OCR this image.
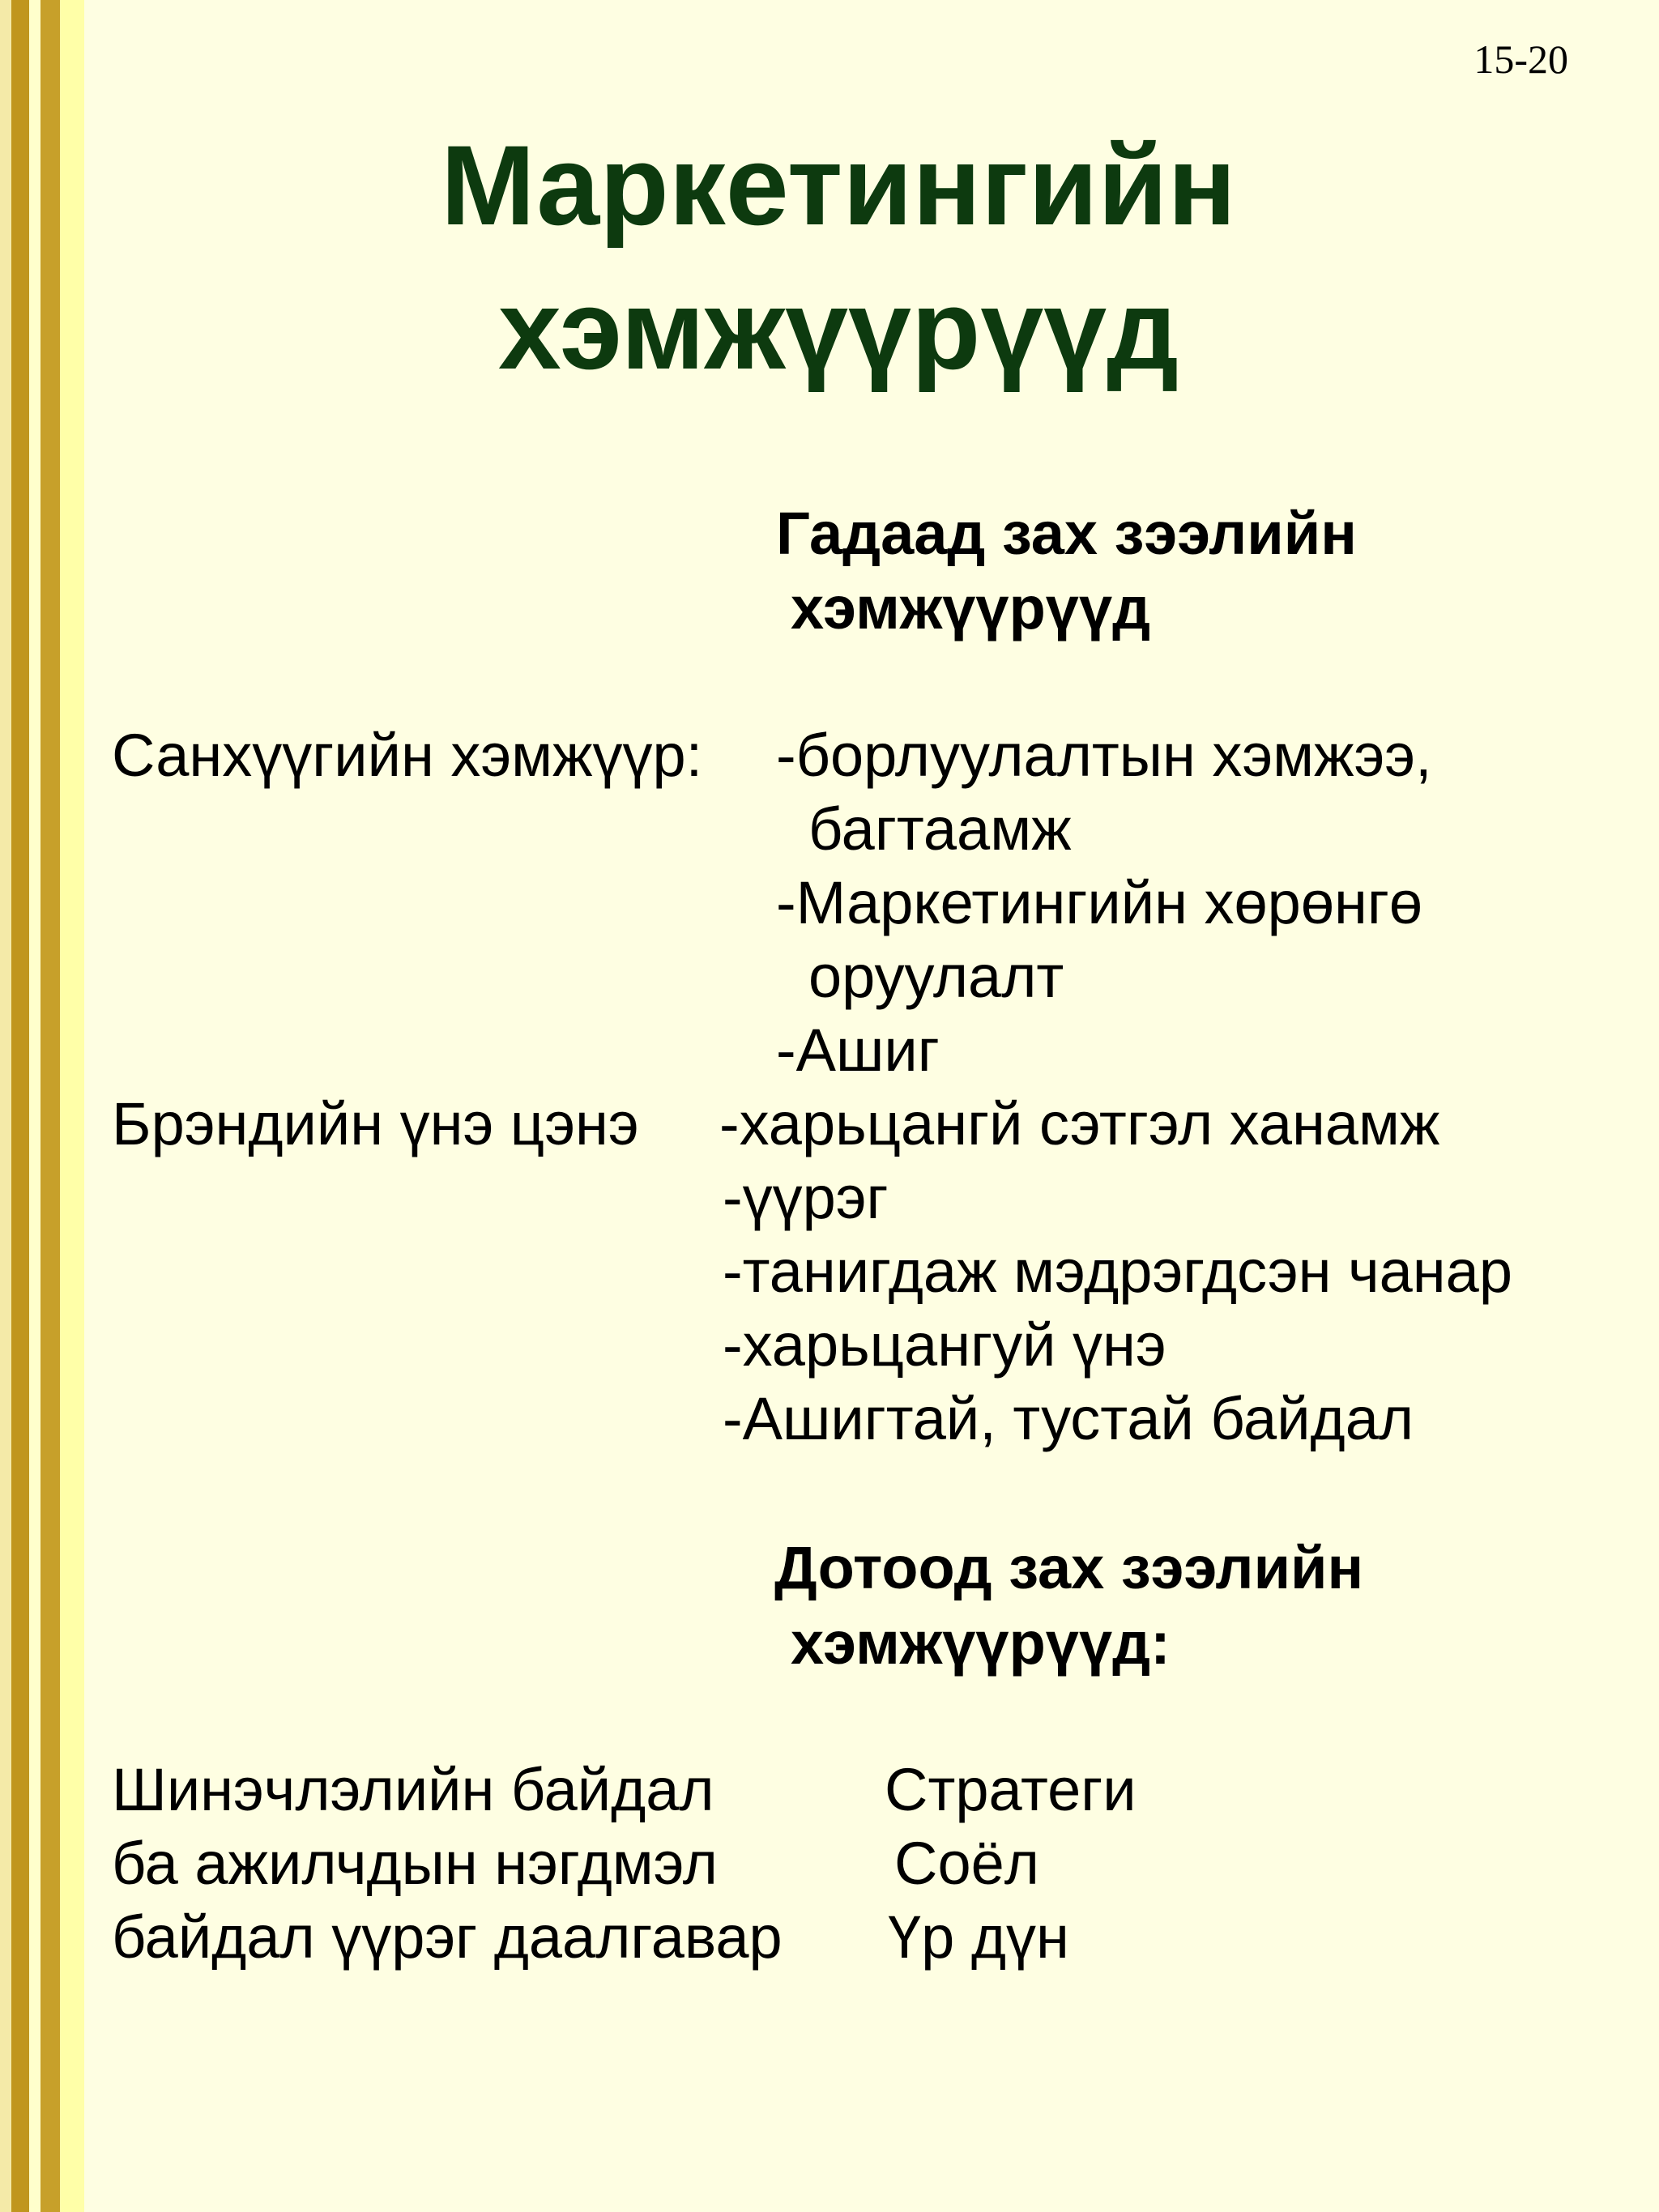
15-20
Маркетингийн
хэмжүүрүүд
Гадаад зах зээлийн
хэмжүүрүүд
Санхүүгийн хэмжүүр: -борлуулалтын хэмжээ,
багтаамж
-Маркетингийн хөрөнгө
оруулалт
-Ашиг
Брэндийн үнэ цэнэ -харьцангй сэтгэл ханамж
-үүрэг
-танигдаж мэдрэгдсэн чанар
-харьцангуй үнэ
-Ашигтай, тустай байдал
Дотоод зах зээлийн
хэмжүүрүүд:
Шинэчлэлийн байдал	Стратеги
ба ажилчдын нэгдмэл	Соёл
байдал үүрэг даалгавар Үр дүн
